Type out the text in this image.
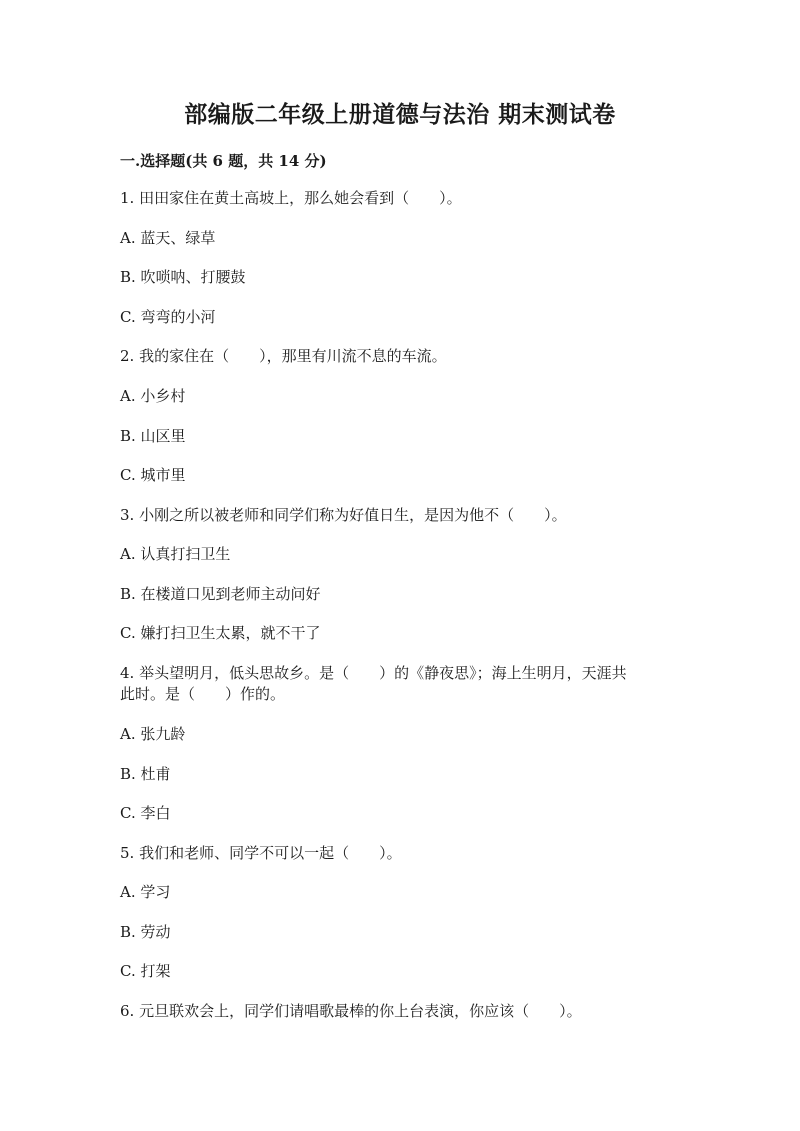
部编版二年级上册道德与法治 期末测试卷

一.选择题(共 6 题，共 14 分)

1. 田田家住在黄土高坡上，那么她会看到（　　）。

A. 蓝天、绿草

B. 吹唢呐、打腰鼓

C. 弯弯的小河

2. 我的家住在（　　），那里有川流不息的车流。

A. 小乡村

B. 山区里

C. 城市里

3. 小刚之所以被老师和同学们称为好值日生，是因为他不（　　）。

A. 认真打扫卫生

B. 在楼道口见到老师主动问好

C. 嫌打扫卫生太累，就不干了

4. 举头望明月，低头思故乡。是（　　）的《静夜思》；海上生明月，天涯共

此时。是（　　）作的。

A. 张九龄

B. 杜甫

C. 李白

5. 我们和老师、同学不可以一起（　　）。

A. 学习

B. 劳动

C. 打架

6. 元旦联欢会上，同学们请唱歌最棒的你上台表演，你应该（　　）。
